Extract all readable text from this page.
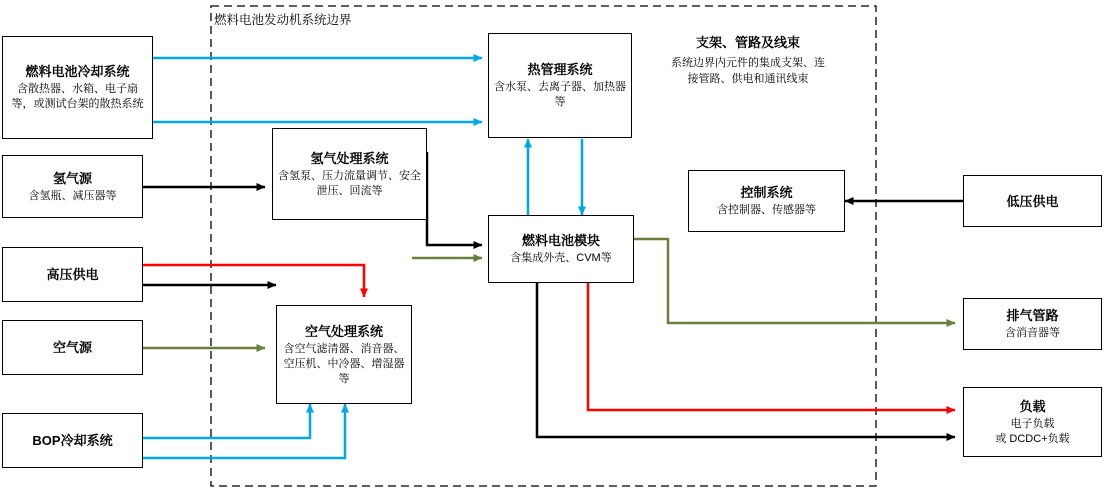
燃料电池发动机系统边界
燃料电池冷却系统
含散热器、水箱、电子扇等，或测试台架的散热系统
氢气源
含氢瓶、减压器等
高压供电
空气源
BOP冷却系统
氢气处理系统
含氢泵、压力流量调节、安全泄压、回流等
空气处理系统
含空气滤清器、消音器、空压机、中冷器、增湿器等
热管理系统
含水泵、去离子器、加热器等
燃料电池模块
含集成外壳、CVM等
支架、管路及线束
系统边界内元件的集成支架、连接管路、供电和通讯线束
控制系统
含控制器、传感器等
低压供电
排气管路
含消音器等
负载
电子负载
或 DCDC+负载
